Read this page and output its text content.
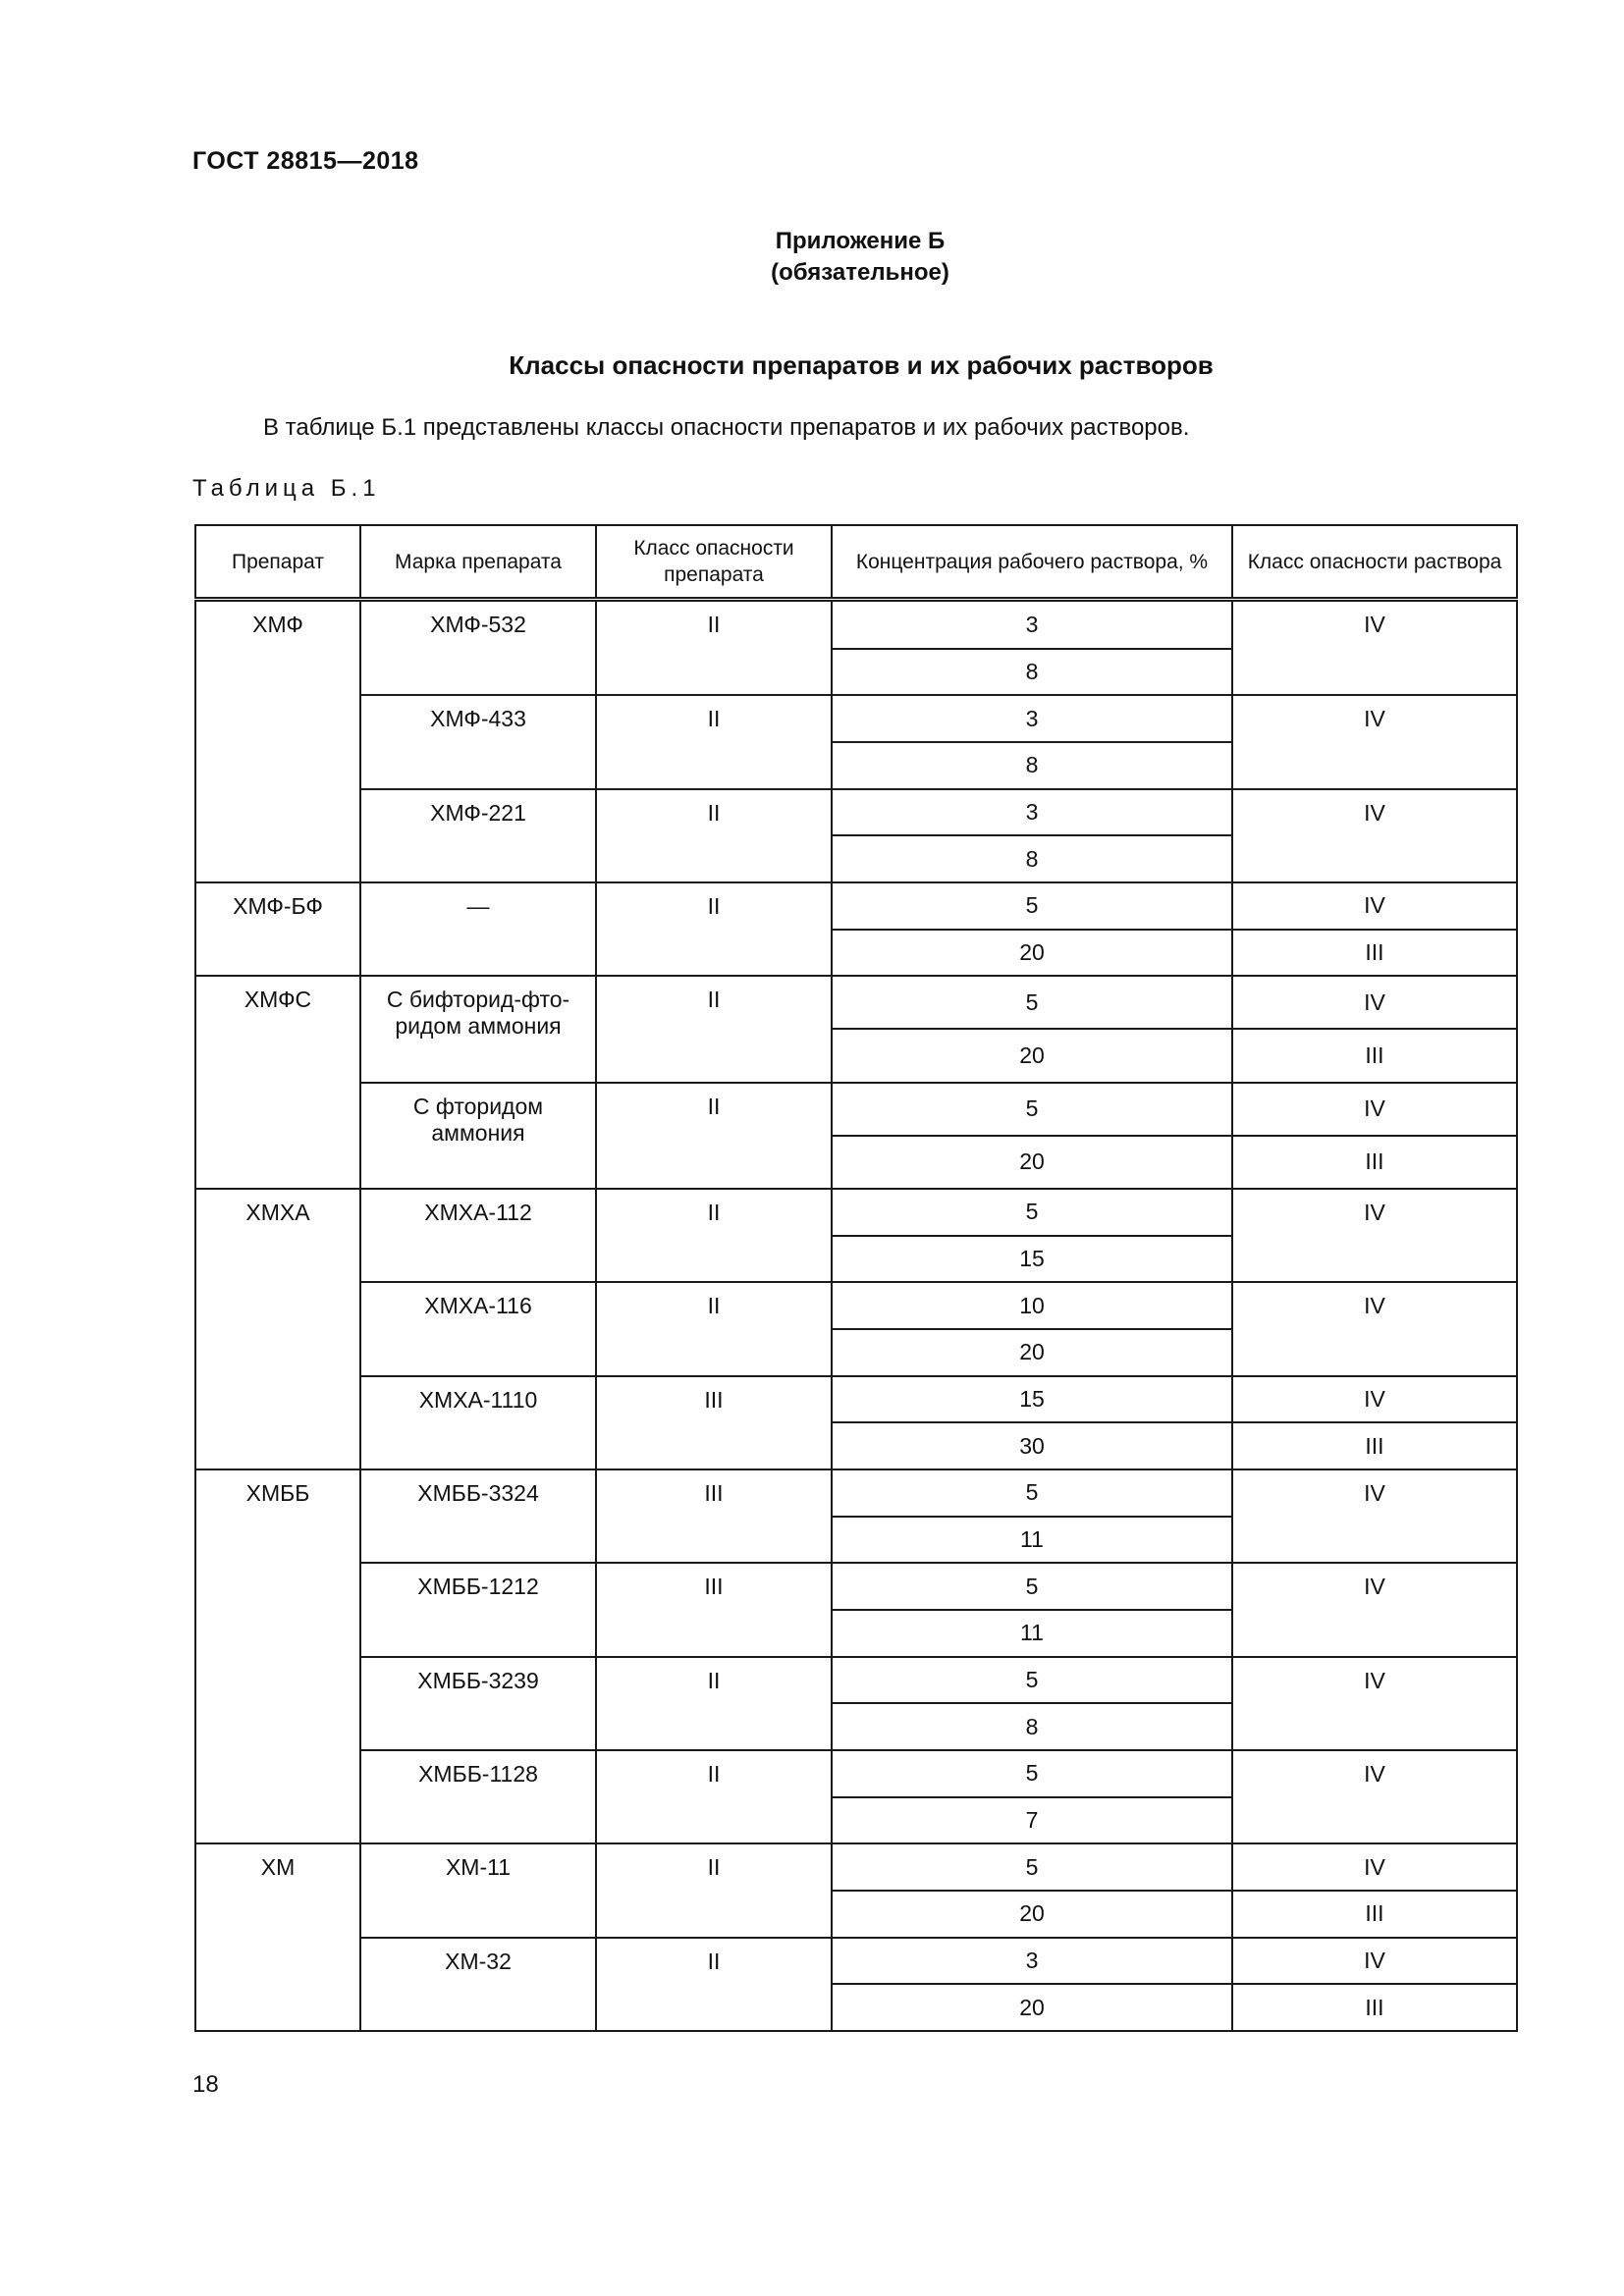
ГОСТ 28815—2018
Приложение Б
(обязательное)
Классы опасности препаратов и их рабочих растворов
В таблице Б.1 представлены классы опасности препаратов и их рабочих растворов.
Таблица Б.1
Препарат	Марка препарата	Класс опасности препарата	Концентрация рабочего раствора, %	Класс опасности раствора
ХМФ	ХМФ-532	II	3	IV
			8	
	ХМФ-433	II	3	IV
			8	
	ХМФ-221	II	3	IV
			8	
ХМФ-БФ	—	II	5	IV
			20	III
ХМФС	С бифторид-фто-
ридом аммония	II	5	IV
			20	III
	С фторидом
аммония	II	5	IV
			20	III
ХМХА	ХМХА-112	II	5	IV
			15	
	ХМХА-116	II	10	IV
			20	
	ХМХА-1110	III	15	IV
			30	III
ХМББ	ХМББ-3324	III	5	IV
			11	
	ХМББ-1212	III	5	IV
			11	
	ХМББ-3239	II	5	IV
			8	
	ХМББ-1128	II	5	IV
			7	
ХМ	ХМ-11	II	5	IV
			20	III
	ХМ-32	II	3	IV
			20	III
18
